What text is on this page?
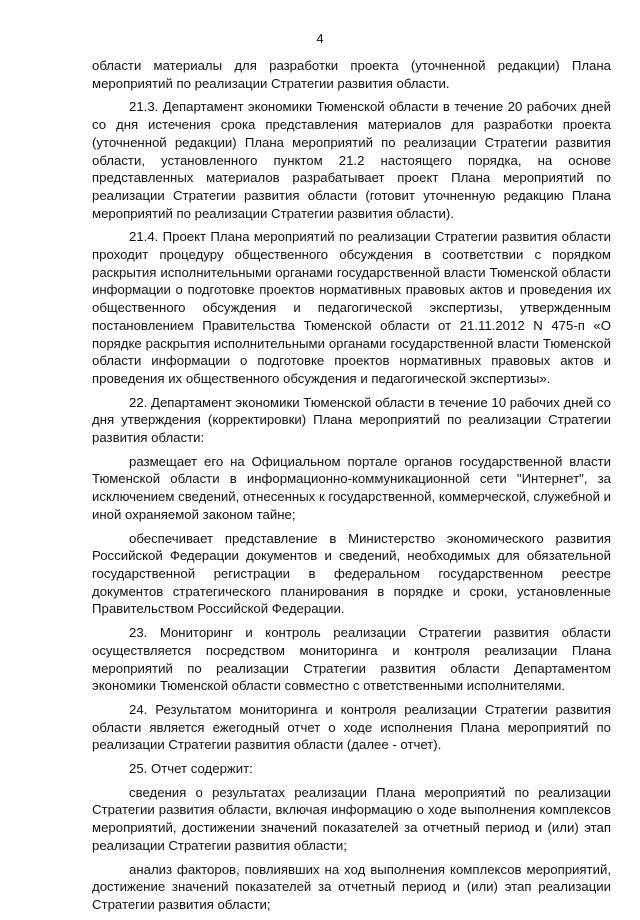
4

области материалы для разработки проекта (уточненной редакции) Плана мероприятий по реализации Стратегии развития области.

21.3. Департамент экономики Тюменской области в течение 20 рабочих дней со дня истечения срока представления материалов для разработки проекта (уточненной редакции) Плана мероприятий по реализации Стратегии развития области, установленного пунктом 21.2 настоящего порядка, на основе представленных материалов разрабатывает проект Плана мероприятий по реализации Стратегии развития области (готовит уточненную редакцию Плана мероприятий по реализации Стратегии развития области).

21.4. Проект Плана мероприятий по реализации Стратегии развития области проходит процедуру общественного обсуждения в соответствии с порядком раскрытия исполнительными органами государственной власти Тюменской области информации о подготовке проектов нормативных правовых актов и проведения их общественного обсуждения и педагогической экспертизы, утвержденным постановлением Правительства Тюменской области от 21.11.2012 N 475-п «О порядке раскрытия исполнительными органами государственной власти Тюменской области информации о подготовке проектов нормативных правовых актов и проведения их общественного обсуждения и педагогической экспертизы».

22. Департамент экономики Тюменской области в течение 10 рабочих дней со дня утверждения (корректировки) Плана мероприятий по реализации Стратегии развития области:

размещает его на Официальном портале органов государственной власти Тюменской области в информационно-коммуникационной сети "Интернет", за исключением сведений, отнесенных к государственной, коммерческой, служебной и иной охраняемой законом тайне;

обеспечивает представление в Министерство экономического развития Российской Федерации документов и сведений, необходимых для обязательной государственной регистрации в федеральном государственном реестре документов стратегического планирования в порядке и сроки, установленные Правительством Российской Федерации.

23. Мониторинг и контроль реализации Стратегии развития области осуществляется посредством мониторинга и контроля реализации Плана мероприятий по реализации Стратегии развития области Департаментом экономики Тюменской области совместно с ответственными исполнителями.

24. Результатом мониторинга и контроля реализации Стратегии развития области является ежегодный отчет о ходе исполнения Плана мероприятий по реализации Стратегии развития области (далее - отчет).

25. Отчет содержит:

сведения о результатах реализации Плана мероприятий по реализации Стратегии развития области, включая информацию о ходе выполнения комплексов мероприятий, достижении значений показателей за отчетный период и (или) этап реализации Стратегии развития области;

анализ факторов, повлиявших на ход выполнения комплексов мероприятий, достижение значений показателей за отчетный период и (или) этап реализации Стратегии развития области;
